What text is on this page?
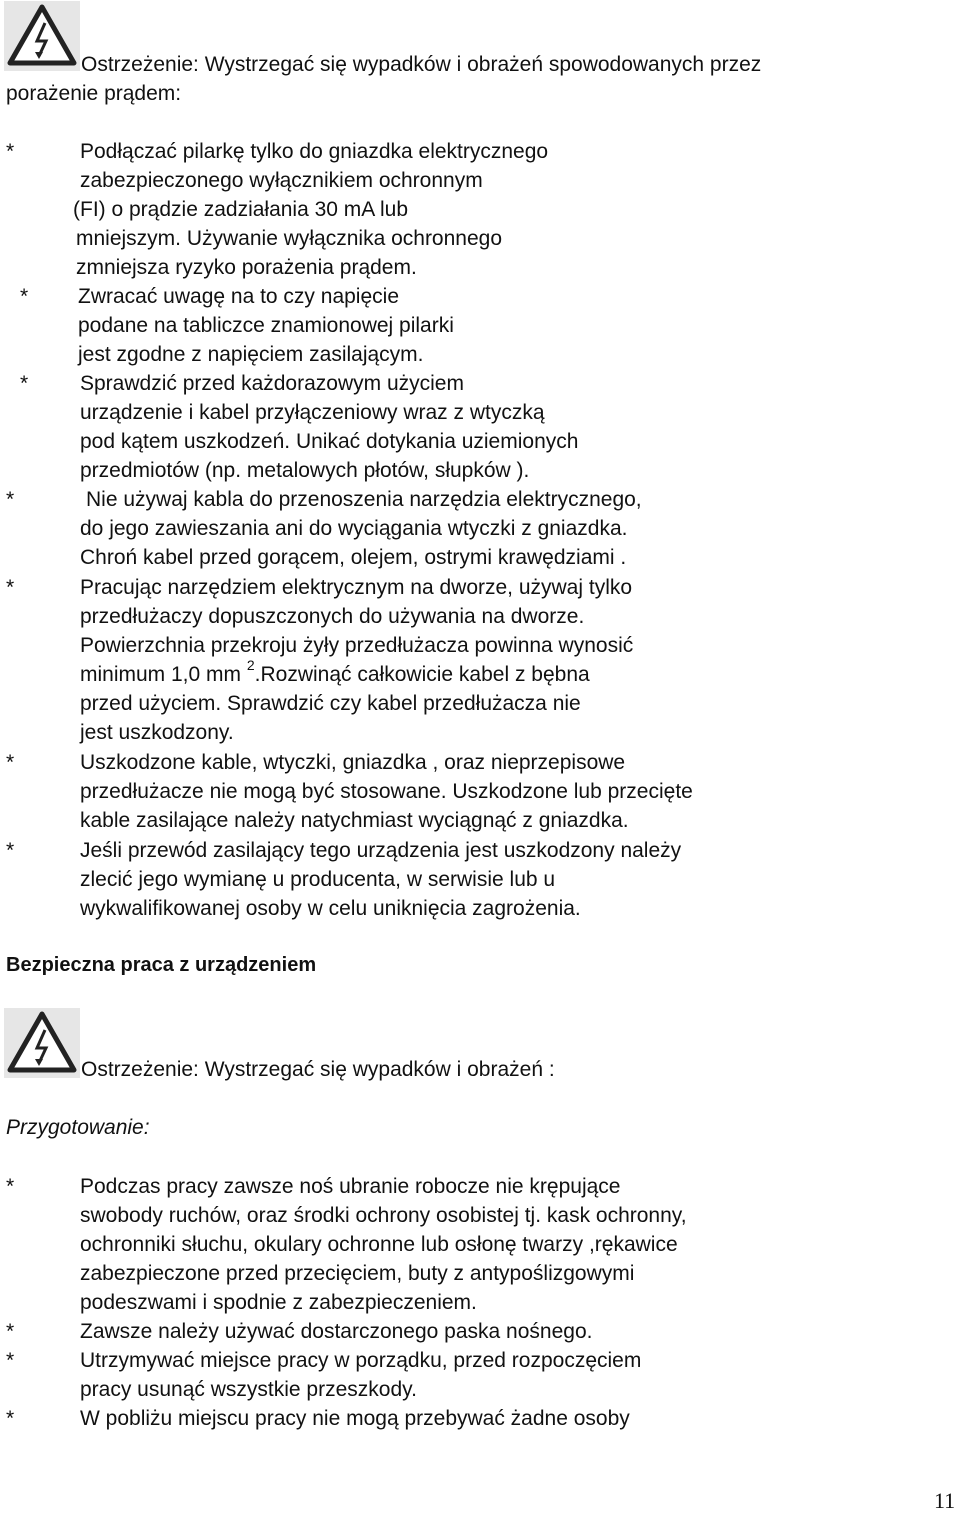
Ostrzeżenie: Wystrzegać się wypadków i obrażeń spowodowanych przez
porażenie prądem:
*	Podłączać pilarkę tylko do gniazdka elektrycznego
zabezpieczonego wyłącznikiem ochronnym
(FI) o prądzie zadziałania 30 mA lub
mniejszym. Używanie wyłącznika ochronnego
zmniejsza ryzyko porażenia prądem.
* Zwracać uwagę na to czy napięcie
podane na tabliczce znamionowej pilarki
jest zgodne z napięciem zasilającym.
* Sprawdzić przed każdorazowym użyciem
urządzenie i kabel przyłączeniowy wraz z wtyczką
pod kątem uszkodzeń. Unikać dotykania uziemionych
przedmiotów (np. metalowych płotów, słupków ).
*	Nie używaj kabla do przenoszenia narzędzia elektrycznego,
do jego zawieszania ani do wyciągania wtyczki z gniazdka.
Chroń kabel przed gorącem, olejem, ostrymi krawędziami .
*	Pracując narzędziem elektrycznym na dworze, używaj tylko
przedłużaczy dopuszczonych do używania na dworze.
Powierzchnia przekroju żyły przedłużacza powinna wynosić
minimum 1,0 mm $^2$.Rozwinąć całkowicie kabel z bębna
przed użyciem. Sprawdzić czy kabel przedłużacza nie
jest uszkodzony.
*	Uszkodzone kable, wtyczki, gniazdka , oraz nieprzepisowe
przedłużacze nie mogą być stosowane. Uszkodzone lub przecięte
kable zasilające należy natychmiast wyciągnąć z gniazdka.
*	Jeśli przewód zasilający tego urządzenia jest uszkodzony należy
zlecić jego wymianę u producenta, w serwisie lub u
wykwalifikowanej osoby w celu uniknięcia zagrożenia.
Bezpieczna praca z urządzeniem
Ostrzeżenie: Wystrzegać się wypadków i obrażeń :
Przygotowanie:
*	Podczas pracy zawsze noś ubranie robocze nie krępujące
swobody ruchów, oraz środki ochrony osobistej tj. kask ochronny,
ochronniki słuchu, okulary ochronne lub osłonę twarzy ,rękawice
zabezpieczone przed przecięciem, buty z antypoślizgowymi
podeszwami i spodnie z zabezpieczeniem.
*	Zawsze należy używać dostarczonego paska nośnego.
*	Utrzymywać miejsce pracy w porządku, przed rozpoczęciem
pracy usunąć wszystkie przeszkody.
*	W pobliżu miejscu pracy nie mogą przebywać żadne osoby
11
